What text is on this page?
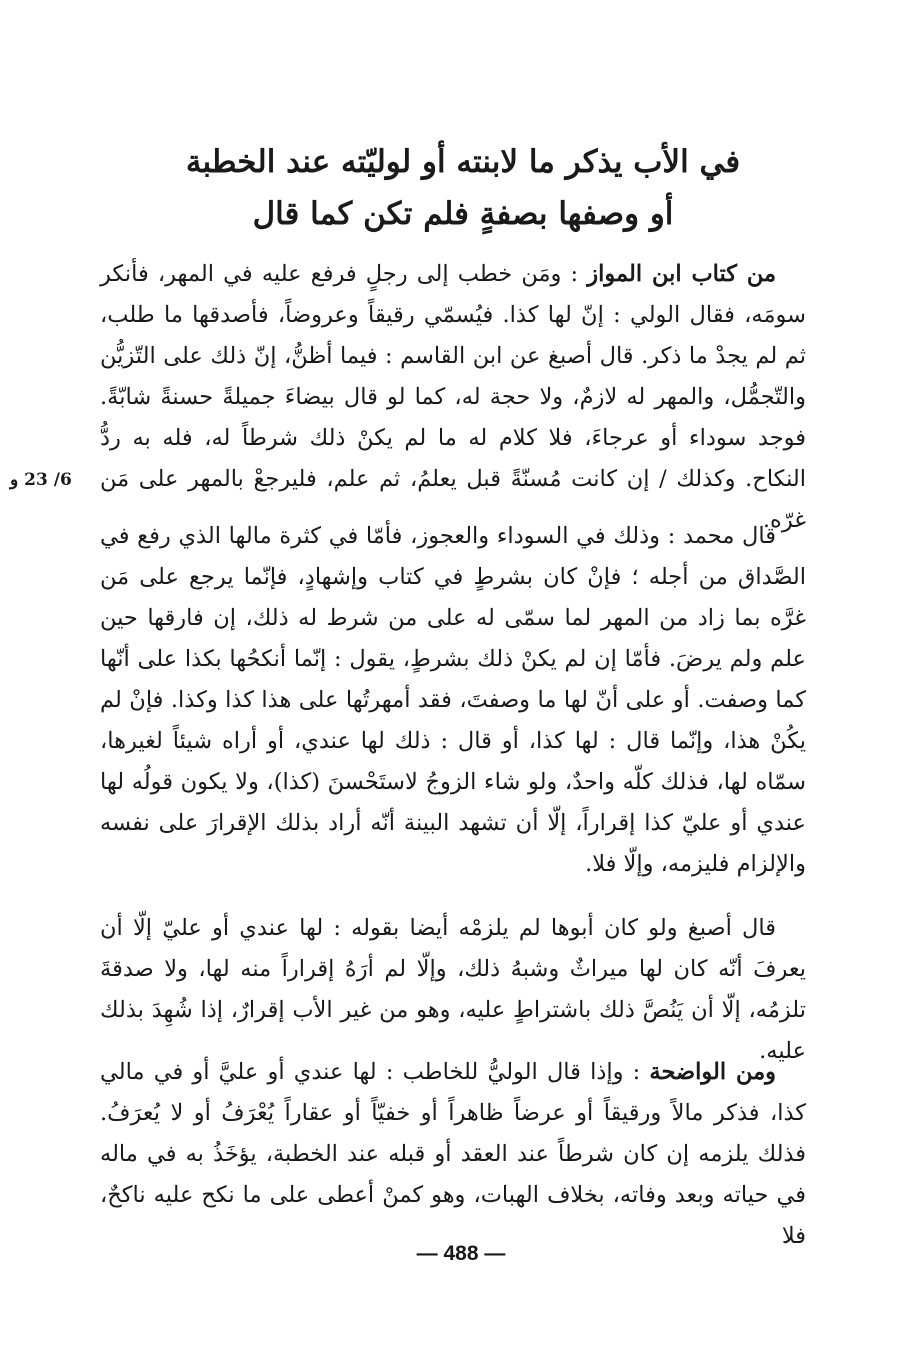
في الأب يذكر ما لابنته أو لوليّته عند الخطبة
أو وصفها بصفةٍ فلم تكن كما قال
من كتاب ابن المواز : ومَن خطب إلى رجلٍ فرفع عليه في المهر، فأنكر سومَه، فقال الولي : إنّ لها كذا. فيُسمّي رقيقاً وعروضاً، فأصدقها ما طلب، ثم لم يجدْ ما ذكر. قال أصبغ عن ابن القاسم : فيما أظنُّ، إنّ ذلك على التّزيُّن والتّجمُّل، والمهر له لازمٌ، ولا حجة له، كما لو قال بيضاءَ جميلةً حسنةً شابّةً. فوجد سوداء أو عرجاءَ، فلا كلام له ما لم يكنْ ذلك شرطاً له، فله به ردُّ النكاح. وكذلك / إن كانت مُسنّةً قبل يعلمُ، ثم علم، فليرجعْ بالمهر على مَن غرّه.
6/ 23 و
قال محمد : وذلك في السوداء والعجوز، فأمّا في كثرة مالها الذي رفع في الصَّداق من أجله ؛ فإنْ كان بشرطٍ في كتاب وإشهادٍ، فإنّما يرجع على مَن غرَّه بما زاد من المهر لما سمّى له على من شرط له ذلك، إن فارقها حين علم ولم يرضَ. فأمّا إن لم يكنْ ذلك بشرطٍ، يقول : إنّما أنكحُها بكذا على أنّها كما وصفت. أو على أنّ لها ما وصفتَ، فقد أمهرتُها على هذا كذا وكذا. فإنْ لم يكُنْ هذا، وإنّما قال : لها كذا، أو قال : ذلك لها عندي، أو أراه شيئاً لغيرها، سمّاه لها، فذلك كلّه واحدٌ، ولو شاء الزوجُ لاستَحْسنَ (كذا)، ولا يكون قولُه لها عندي أو عليّ كذا إقراراً، إلّا أن تشهد البينة أنّه أراد بذلك الإقرارَ على نفسه والإلزام فليزمه، وإلّا فلا.
قال أصبغ ولو كان أبوها لم يلزمْه أيضا بقوله : لها عندي أو عليّ إلّا أن يعرفَ أنّه كان لها ميراثٌ وشبهُ ذلك، وإلّا لم أرَهُ إقراراً منه لها، ولا صدقةَ تلزمُه، إلّا أن يَنُصَّ ذلك باشتراطٍ عليه، وهو من غير الأب إقرارٌ، إذا شُهِدَ بذلك عليه.
ومن الواضحة : وإذا قال الوليُّ للخاطب : لها عندي أو عليَّ أو في مالي كذا، فذكر مالاً ورقيقاً أو عرضاً ظاهراً أو خفيّاً أو عقاراً يُعْرَفُ أو لا يُعرَفُ. فذلك يلزمه إن كان شرطاً عند العقد أو قبله عند الخطبة، يؤخَذُ به في ماله في حياته وبعد وفاته، بخلاف الهبات، وهو كمنْ أعطى على ما نكح عليه ناكحٌ، فلا
— 488 —
